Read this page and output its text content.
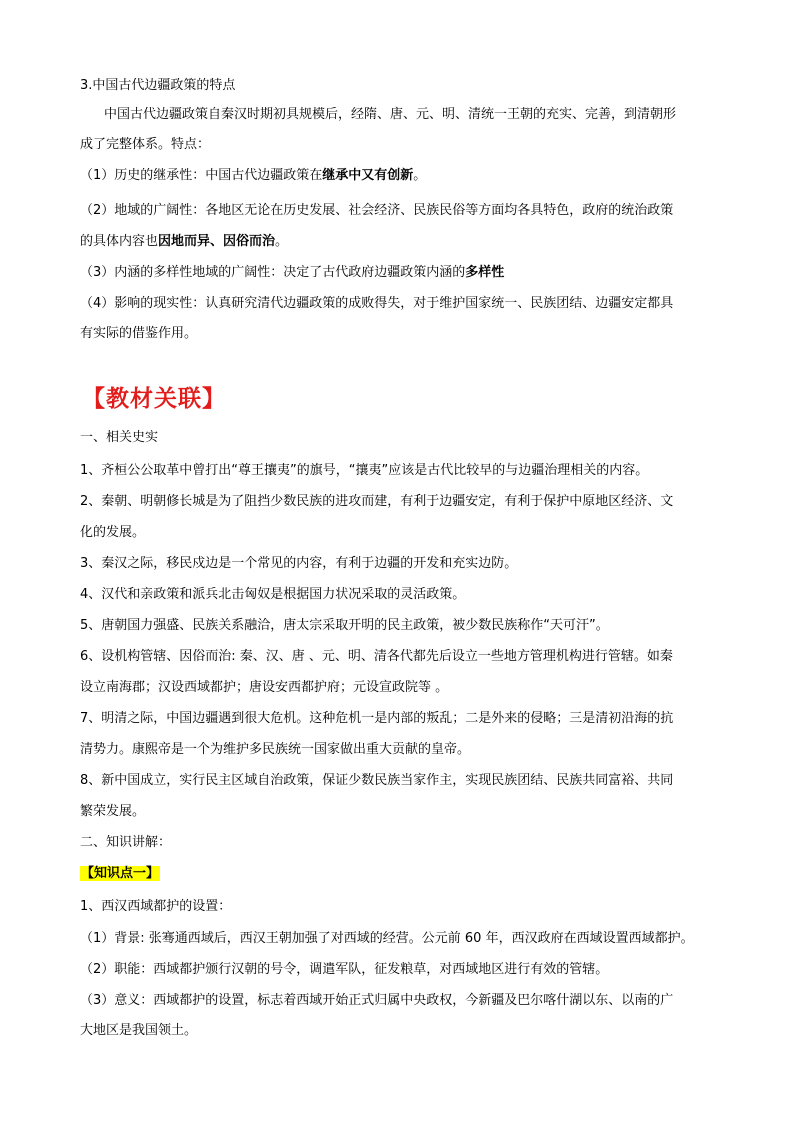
3.中国古代边疆政策的特点
中国古代边疆政策自秦汉时期初具规模后，经隋、唐、元、明、清统一王朝的充实、完善，到清朝形
成了完整体系。特点：
（1）历史的继承性：中国古代边疆政策在继承中又有创新。
（2）地域的广阔性：各地区无论在历史发展、社会经济、民族民俗等方面均各具特色，政府的统治政策
的具体内容也因地而异、因俗而治。
（3）内涵的多样性地域的广阔性：决定了古代政府边疆政策内涵的多样性
（4）影响的现实性：认真研究清代边疆政策的成败得失，对于维护国家统一、民族团结、边疆安定都具
有实际的借鉴作用。
【教材关联】
一、相关史实
1、齐桓公公取革中曾打出“尊王攘夷”的旗号，“攘夷”应该是古代比较早的与边疆治理相关的内容。
2、秦朝、明朝修长城是为了阻挡少数民族的进攻而建，有利于边疆安定，有利于保护中原地区经济、文
化的发展。
3、秦汉之际，移民戍边是一个常见的内容，有利于边疆的开发和充实边防。
4、汉代和亲政策和派兵北击匈奴是根据国力状况采取的灵活政策。
5、唐朝国力强盛、民族关系融洽，唐太宗采取开明的民主政策，被少数民族称作“天可汗”。
6、设机构管辖、因俗而治: 秦、汉、唐 、元、明、清各代都先后设立一些地方管理机构进行管辖。如秦
设立南海郡；汉设西域都护；唐设安西都护府；元设宣政院等 。
7、明清之际，中国边疆遇到很大危机。这种危机一是内部的叛乱；二是外来的侵略；三是清初沿海的抗
清势力。康熙帝是一个为维护多民族统一国家做出重大贡献的皇帝。
8、新中国成立，实行民主区域自治政策，保证少数民族当家作主，实现民族团结、民族共同富裕、共同
繁荣发展。
二、知识讲解：
【知识点一】
1、西汉西域都护的设置：
（1）背景: 张骞通西域后，西汉王朝加强了对西域的经营。公元前 60 年，西汉政府在西域设置西域都护。
（2）职能：西域都护颁行汉朝的号令，调遣军队，征发粮草，对西域地区进行有效的管辖。
（3）意义：西域都护的设置，标志着西域开始正式归属中央政权，今新疆及巴尔喀什湖以东、以南的广
大地区是我国领土。
